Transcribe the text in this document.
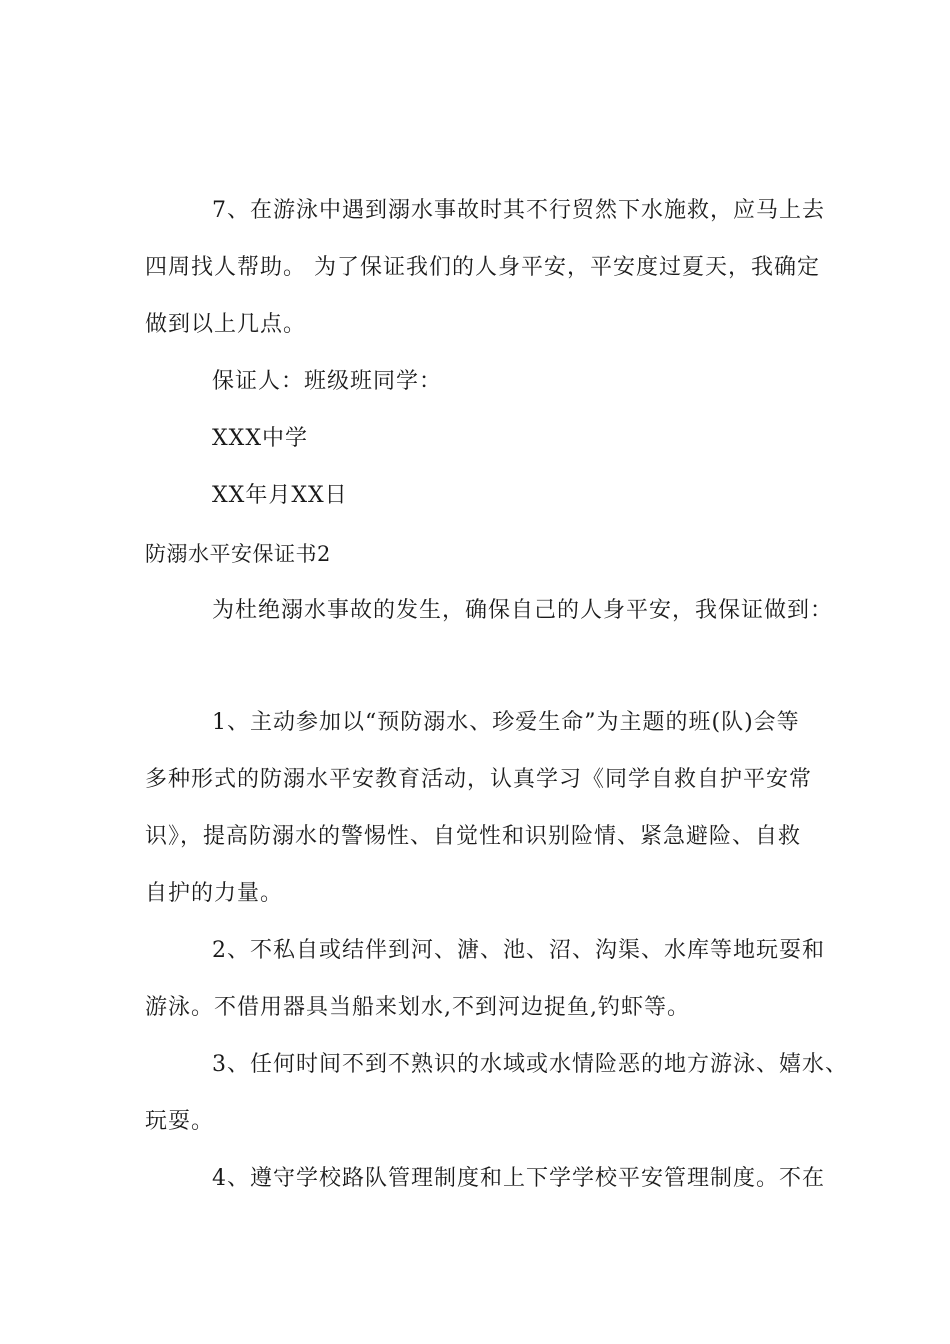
7、在游泳中遇到溺水事故时其不行贸然下水施救，应马上去
四周找人帮助。 为了保证我们的人身平安，平安度过夏天，我确定
做到以上几点。
保证人：班级班同学：
XXX中学
XX年月XX日
防溺水平安保证书2
为杜绝溺水事故的发生，确保自己的人身平安，我保证做到：
1、主动参加以“预防溺水、珍爱生命”为主题的班(队)会等
多种形式的防溺水平安教育活动，认真学习《同学自救自护平安常
识》，提高防溺水的警惕性、自觉性和识别险情、紧急避险、自救
自护的力量。
2、不私自或结伴到河、溏、池、沼、沟渠、水库等地玩耍和
游泳。不借用器具当船来划水,不到河边捉鱼,钓虾等。
3、任何时间不到不熟识的水域或水情险恶的地方游泳、嬉水、
玩耍。
4、遵守学校路队管理制度和上下学学校平安管理制度。不在
